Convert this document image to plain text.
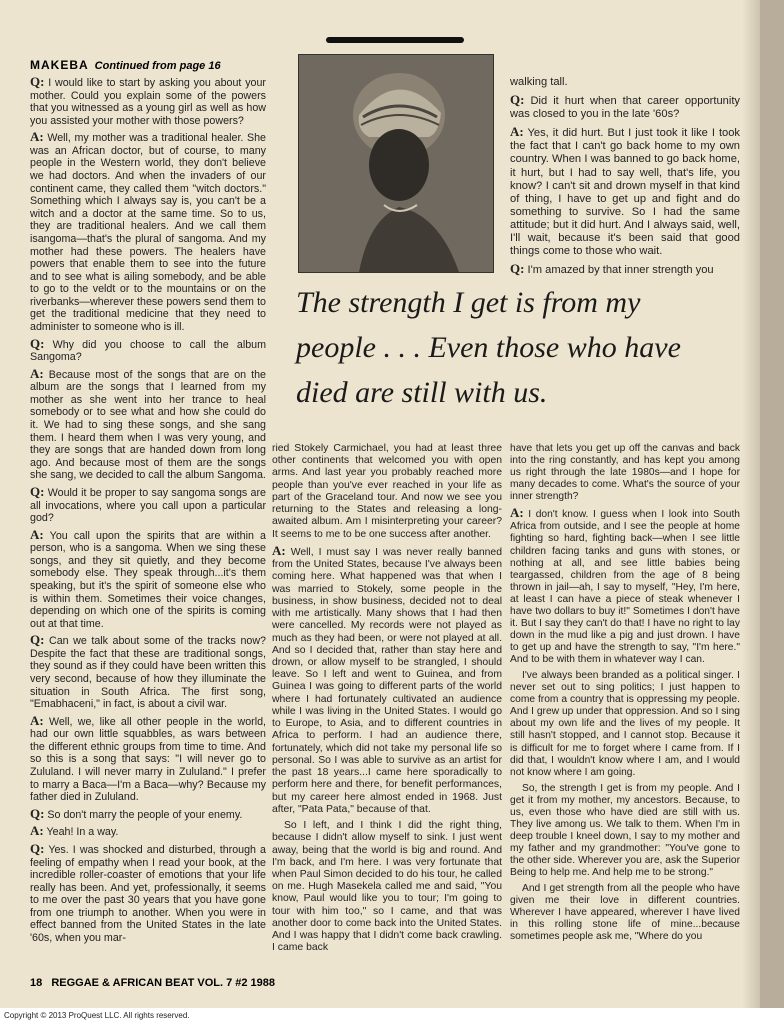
MAKEBA Continued from page 16

The strength I get is from my

people . . . Even those who have

died are still with us.

Q: I would like to start by asking you about your mother. Could you explain some of the powers that you witnessed as a young girl as well as how you assisted your mother with those powers?

A: Well, my mother was a traditional healer. She was an African doctor, but of course, to many people in the Western world, they don't believe we had doctors. And when the invaders of our continent came, they called them "witch doctors." Something which I always say is, you can't be a witch and a doctor at the same time. So to us, they are traditional healers. And we call them isangoma—that's the plural of sangoma. And my mother had these powers. The healers have powers that enable them to see into the future and to see what is ailing somebody, and be able to go to the veldt or to the mountains or on the riverbanks—wherever these powers send them to get the traditional medicine that they need to administer to someone who is ill.

Q: Why did you choose to call the album Sangoma?

A: Because most of the songs that are on the album are the songs that I learned from my mother as she went into her trance to heal somebody or to see what and how she could do it. We had to sing these songs, and she sang them. I heard them when I was very young, and they are songs that are handed down from long ago. And because most of them are the songs she sang, we decided to call the album Sangoma.

Q: Would it be proper to say sangoma songs are all invocations, where you call upon a particular god?

A: You call upon the spirits that are within a person, who is a sangoma. When we sing these songs, and they sit quietly, and they become somebody else. They speak through...it's them speaking, but it's the spirit of someone else who is within them. Sometimes their voice changes, depending on which one of the spirits is coming out at that time.

Q: Can we talk about some of the tracks now? Despite the fact that these are traditional songs, they sound as if they could have been written this very second, because of how they illuminate the situation in South Africa. The first song, "Emabhaceni," in fact, is about a civil war.

A: Well, we, like all other people in the world, had our own little squabbles, as wars between the different ethnic groups from time to time. And so this is a song that says: "I will never go to Zululand. I will never marry in Zululand." I prefer to marry a Baca—I'm a Baca—why? Because my father died in Zululand.

Q: So don't marry the people of your enemy.

A: Yeah! In a way.

Q: Yes. I was shocked and disturbed, through a feeling of empathy when I read your book, at the incredible roller-coaster of emotions that your life really has been. And yet, professionally, it seems to me over the past 30 years that you have gone from one triumph to another. When you were in effect banned from the United States in the late '60s, when you mar-

ried Stokely Carmichael, you had at least three other continents that welcomed you with open arms. And last year you probably reached more people than you've ever reached in your life as part of the Graceland tour. And now we see you returning to the States and releasing a long-awaited album. Am I misinterpreting your career? It seems to me to be one success after another.

A: Well, I must say I was never really banned from the United States, because I've always been coming here. What happened was that when I was married to Stokely, some people in the business, in show business, decided not to deal with me artistically. Many shows that I had then were cancelled. My records were not played as much as they had been, or were not played at all. And so I decided that, rather than stay here and drown, or allow myself to be strangled, I should leave. So I left and went to Guinea, and from Guinea I was going to different parts of the world where I had fortunately cultivated an audience while I was living in the United States. I would go to Europe, to Asia, and to different countries in Africa to perform. I had an audience there, fortunately, which did not take my personal life so personal. So I was able to survive as an artist for the past 18 years...I came here sporadically to perform here and there, for benefit performances, but my career here almost ended in 1968. Just after, "Pata Pata," because of that.

So I left, and I think I did the right thing, because I didn't allow myself to sink. I just went away, being that the world is big and round. And I'm back, and I'm here. I was very fortunate that when Paul Simon decided to do his tour, he called on me. Hugh Masekela called me and said, "You know, Paul would like you to tour; I'm going to tour with him too," so I came, and that was another door to come back into the United States. And I was happy that I didn't come back crawling. I came back

walking tall.

Q: Did it hurt when that career opportunity was closed to you in the late '60s?

A: Yes, it did hurt. But I just took it like I took the fact that I can't go back home to my own country. When I was banned to go back home, it hurt, but I had to say well, that's life, you know? I can't sit and drown myself in that kind of thing, I have to get up and fight and do something to survive. So I had the same attitude; but it did hurt. And I always said, well, I'll wait, because it's been said that good things come to those who wait.

Q: I'm amazed by that inner strength you

have that lets you get up off the canvas and back into the ring constantly, and has kept you among us right through the late 1980s—and I hope for many decades to come. What's the source of your inner strength?

A: I don't know. I guess when I look into South Africa from outside, and I see the people at home fighting so hard, fighting back—when I see little children facing tanks and guns with stones, or nothing at all, and see little babies being teargassed, children from the age of 8 being thrown in jail—ah, I say to myself, "Hey, I'm here, at least I can have a piece of steak whenever I have two dollars to buy it!" Sometimes I don't have it. But I say they can't do that! I have no right to lay down in the mud like a pig and just drown. I have to get up and have the strength to say, "I'm here." And to be with them in whatever way I can.

I've always been branded as a political singer. I never set out to sing politics; I just happen to come from a country that is oppressing my people. And I grew up under that oppression. And so I sing about my own life and the lives of my people. It still hasn't stopped, and I cannot stop. Because it is difficult for me to forget where I came from. If I did that, I wouldn't know where I am, and I would not know where I am going.

So, the strength I get is from my people. And I get it from my mother, my ancestors. Because, to us, even those who have died are still with us. They live among us. We talk to them. When I'm in deep trouble I kneel down, I say to my mother and my father and my grandmother: "You've gone to the other side. Wherever you are, ask the Superior Being to help me. And help me to be strong."

And I get strength from all the people who have given me their love in different countries. Wherever I have appeared, wherever I have lived in this rolling stone life of mine...because sometimes people ask me, "Where do you

18 REGGAE & AFRICAN BEAT VOL. 7 #2 1988
Copyright © 2013 ProQuest LLC. All rights reserved.
